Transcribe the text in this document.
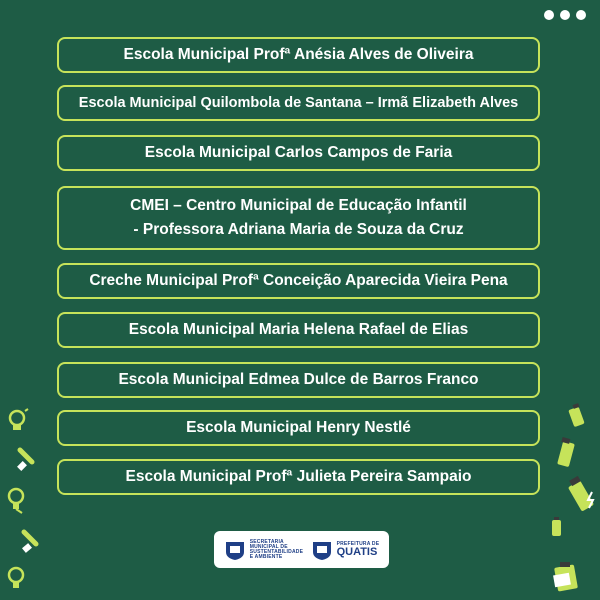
Escola Municipal Profª Anésia Alves de Oliveira
Escola Municipal Quilombola de Santana – Irmã Elizabeth Alves
Escola Municipal Carlos Campos de Faria
CMEI – Centro Municipal de Educação Infantil
- Professora Adriana Maria de Souza da Cruz
Creche Municipal Profª Conceição Aparecida Vieira Pena
Escola Municipal Maria Helena Rafael de Elias
Escola Municipal Edmea Dulce de Barros Franco
Escola Municipal Henry Nestlé
Escola Municipal Profª Julieta Pereira Sampaio
SECRETARIA
MUNICIPAL DE
SUSTENTABILIDADE
E AMBIENTE
PREFEITURA DE
QUATIS
